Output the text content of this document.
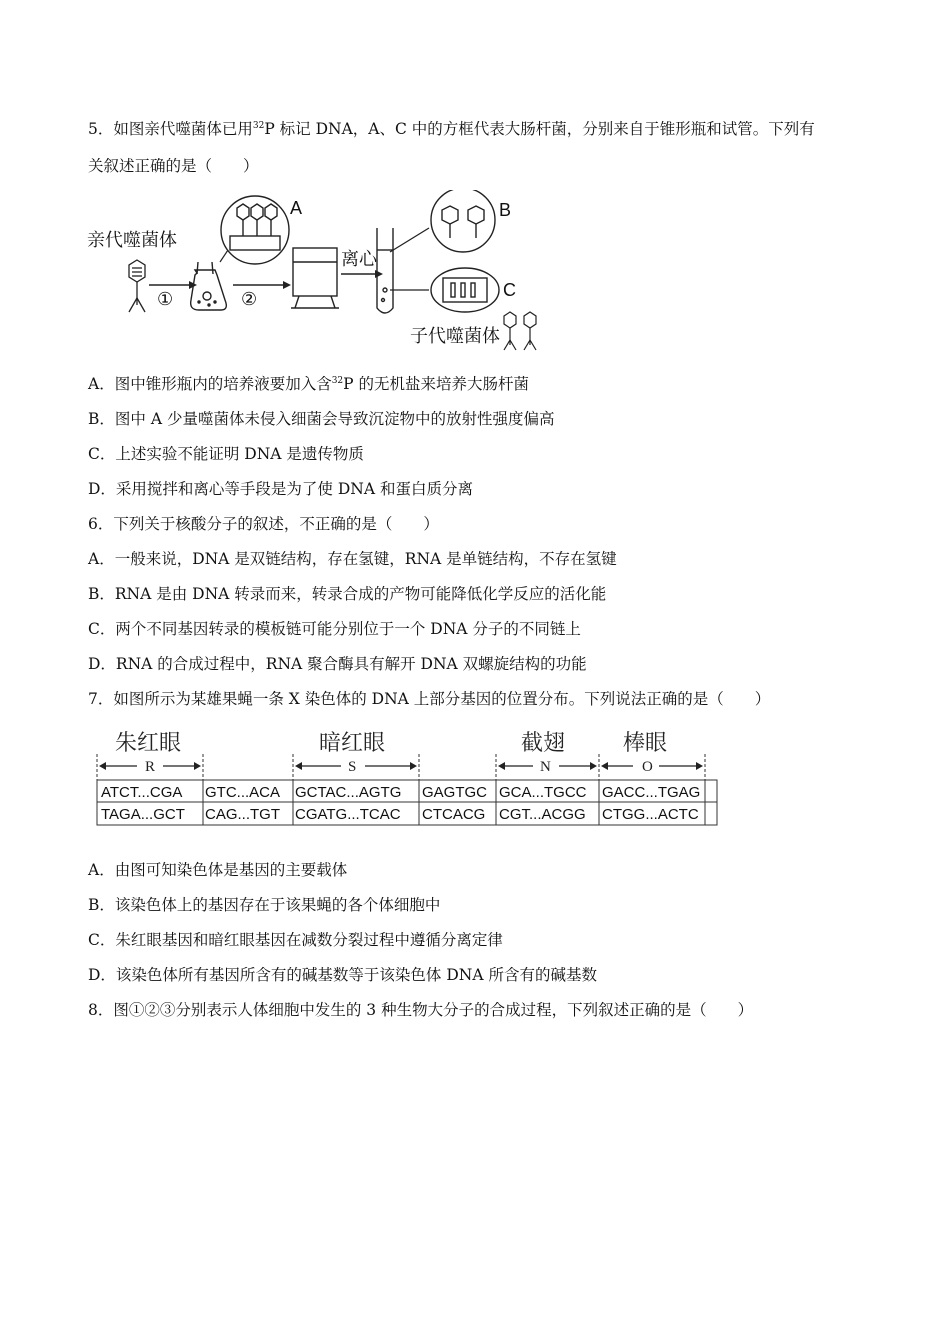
5．如图亲代噬菌体已用$^{32}$P 标记 DNA，A、C 中的方框代表大肠杆菌，分别来自于锥形瓶和试管。下列有
关叙述正确的是（　　）
亲代噬菌体
①	②
A
离心
B
C
子代噬菌体
A．图中锥形瓶内的培养液要加入含$^{32}$P 的无机盐来培养大肠杆菌
B．图中 A 少量噬菌体未侵入细菌会导致沉淀物中的放射性强度偏高
C．上述实验不能证明 DNA 是遗传物质
D．采用搅拌和离心等手段是为了使 DNA 和蛋白质分离
6．下列关于核酸分子的叙述，不正确的是（　　）
A．一般来说，DNA 是双链结构，存在氢键，RNA 是单链结构，不存在氢键
B．RNA 是由 DNA 转录而来，转录合成的产物可能降低化学反应的活化能
C．两个不同基因转录的模板链可能分别位于一个 DNA 分子的不同链上
D．RNA 的合成过程中，RNA 聚合酶具有解开 DNA 双螺旋结构的功能
7．如图所示为某雄果蝇一条 X 染色体的 DNA 上部分基因的位置分布。下列说法正确的是（　　）
朱红眼	暗红眼	截翅	棒眼
R	S	N	O
ATCT...CGA GTC...ACA GCTAC...AGTG GAGTGC GCA...TGCC GACC...TGAG
TAGA...GCT CAG...TGT CGATG...TCAC CTCACG CGT...ACGG CTGG...ACTC
A．由图可知染色体是基因的主要载体
B．该染色体上的基因存在于该果蝇的各个体细胞中
C．朱红眼基因和暗红眼基因在减数分裂过程中遵循分离定律
D．该染色体所有基因所含有的碱基数等于该染色体 DNA 所含有的碱基数
8．图①②③分别表示人体细胞中发生的 3 种生物大分子的合成过程，下列叙述正确的是（　　）
